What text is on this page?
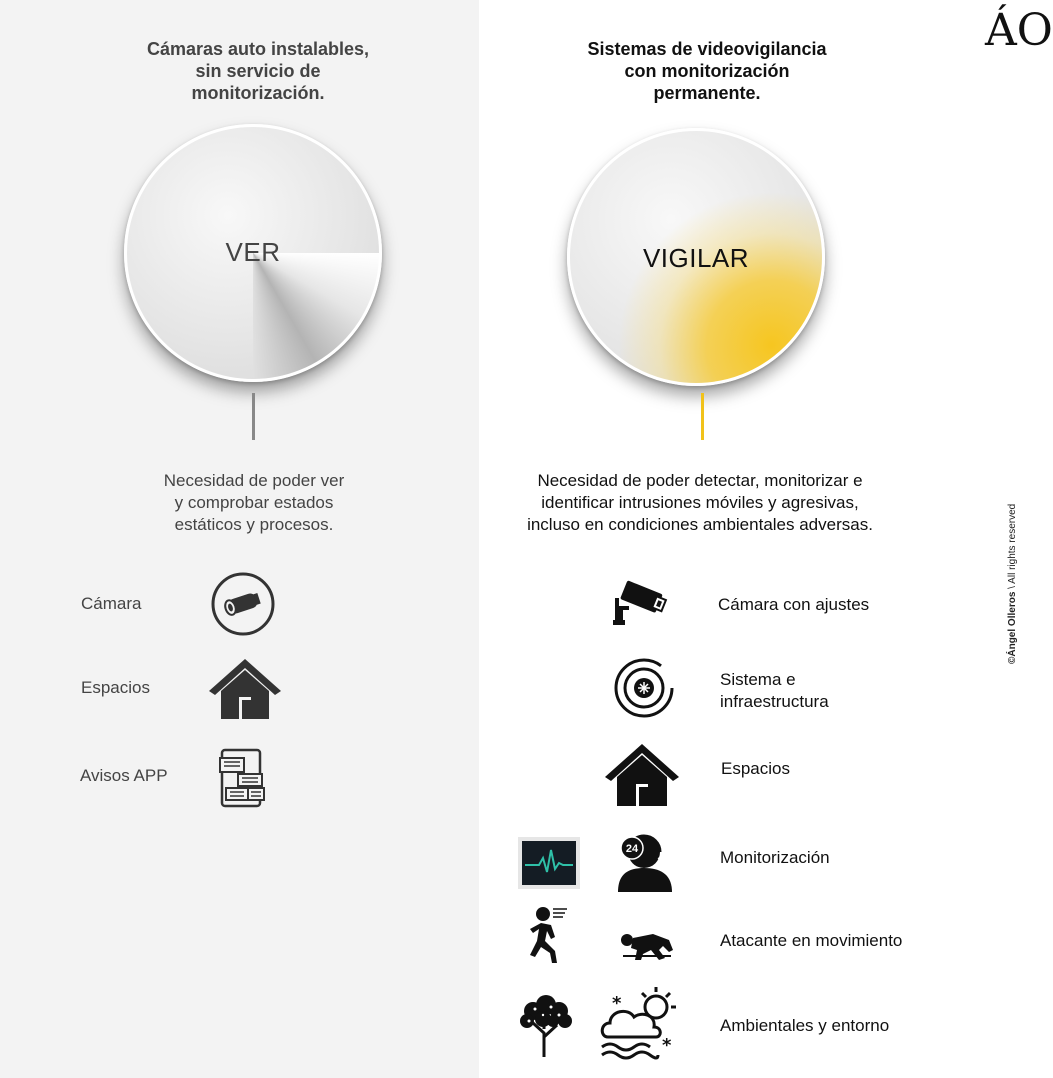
Cámaras auto instalables,
sin servicio de
monitorización.
Sistemas de videovigilancia
con monitorización
permanente.
VER	VIGILAR
Necesidad de poder ver
y comprobar estados
estáticos y procesos.
Necesidad de poder detectar, monitorizar e
identificar intrusiones móviles y agresivas,
incluso en condiciones ambientales adversas.
Cámara
Espacios
Avisos APP
Cámara con ajustes
Sistema e
infraestructura
Espacios
24	Monitorización
Atacante en movimiento
*
*
Ambientales y entorno
ÁO
©Ángel Olleros \ All rights reserved
